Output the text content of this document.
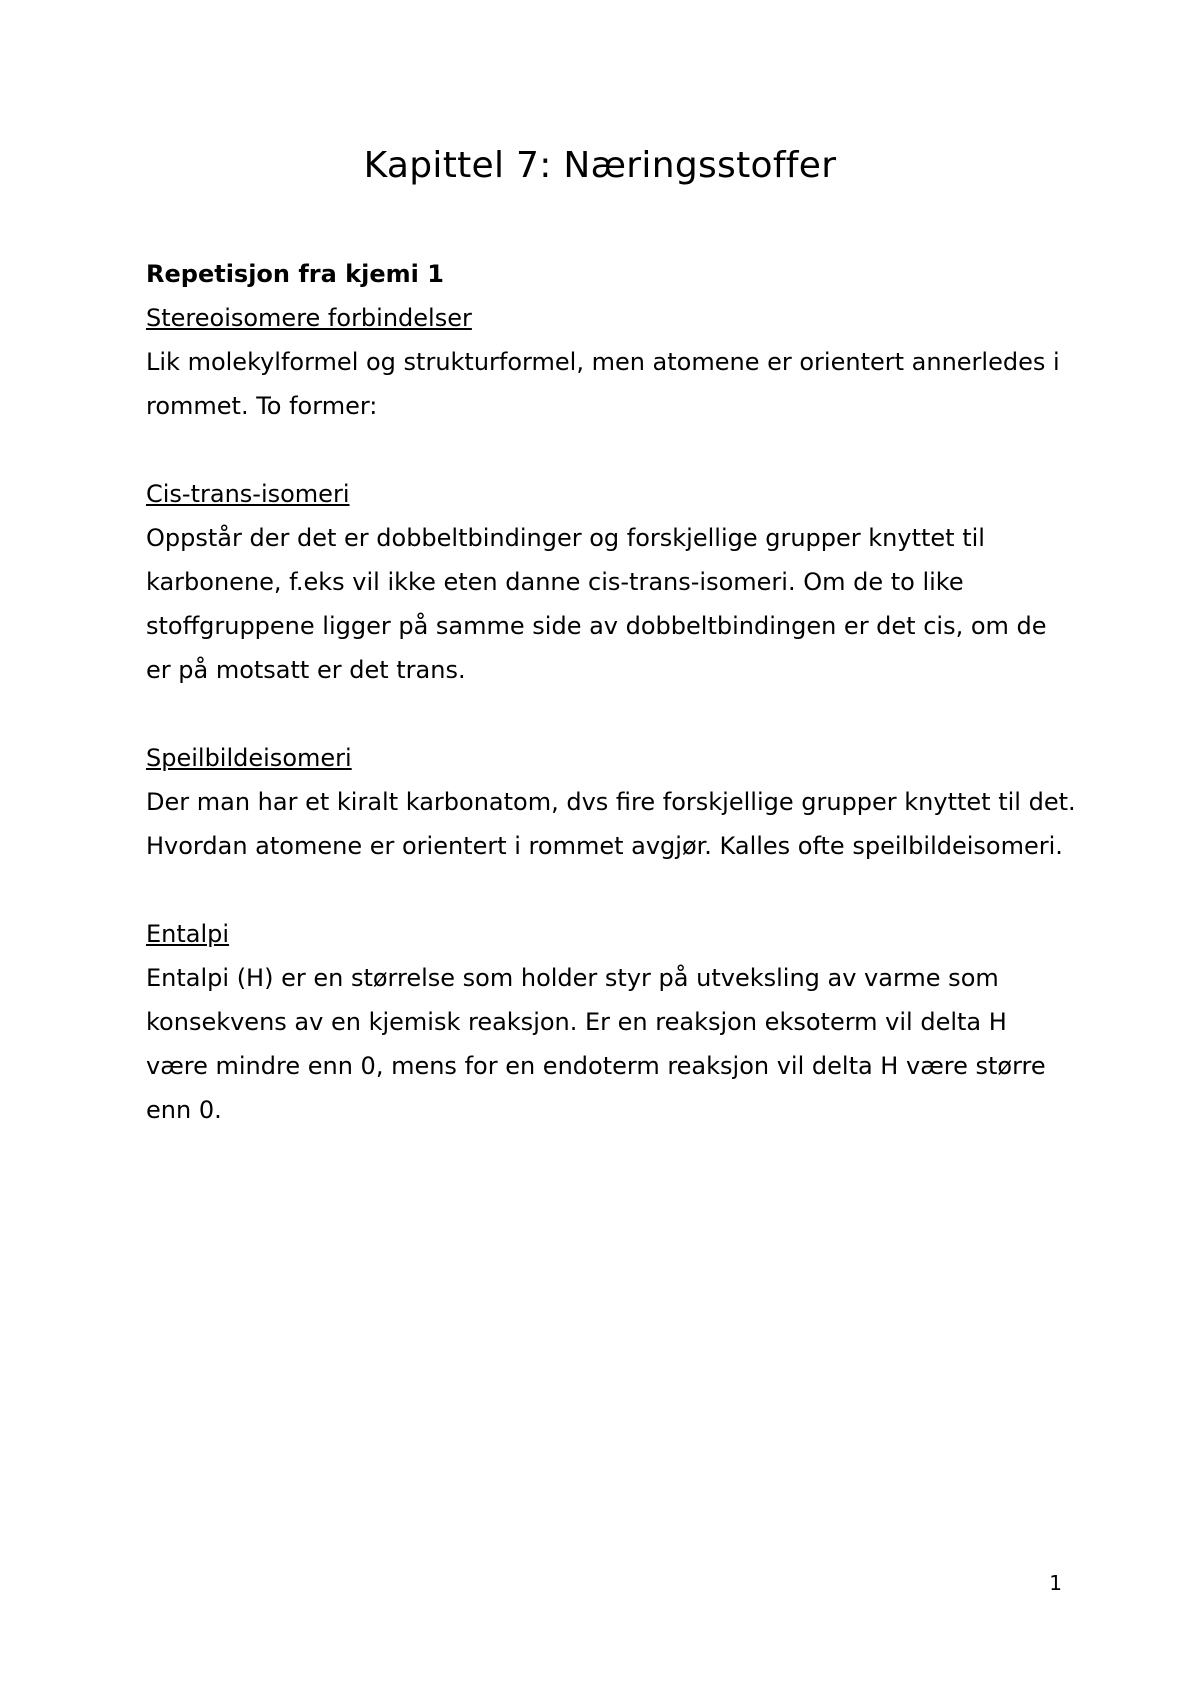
Kapittel 7: Næringsstoffer

Repetisjon fra kjemi 1

Stereoisomere forbindelser

Lik molekylformel og strukturformel, men atomene er orientert annerledes i rommet. To former:

Cis-trans-isomeri

Oppstår der det er dobbeltbindinger og forskjellige grupper knyttet til karbonene, f.eks vil ikke eten danne cis-trans-isomeri. Om de to like stoffgruppene ligger på samme side av dobbeltbindingen er det cis, om de er på motsatt er det trans.

Speilbildeisomeri

Der man har et kiralt karbonatom, dvs fire forskjellige grupper knyttet til det. Hvordan atomene er orientert i rommet avgjør. Kalles ofte speilbildeisomeri.

Entalpi

Entalpi (H) er en størrelse som holder styr på utveksling av varme som konsekvens av en kjemisk reaksjon. Er en reaksjon eksoterm vil delta H være mindre enn 0, mens for en endoterm reaksjon vil delta H være større enn 0.

1
